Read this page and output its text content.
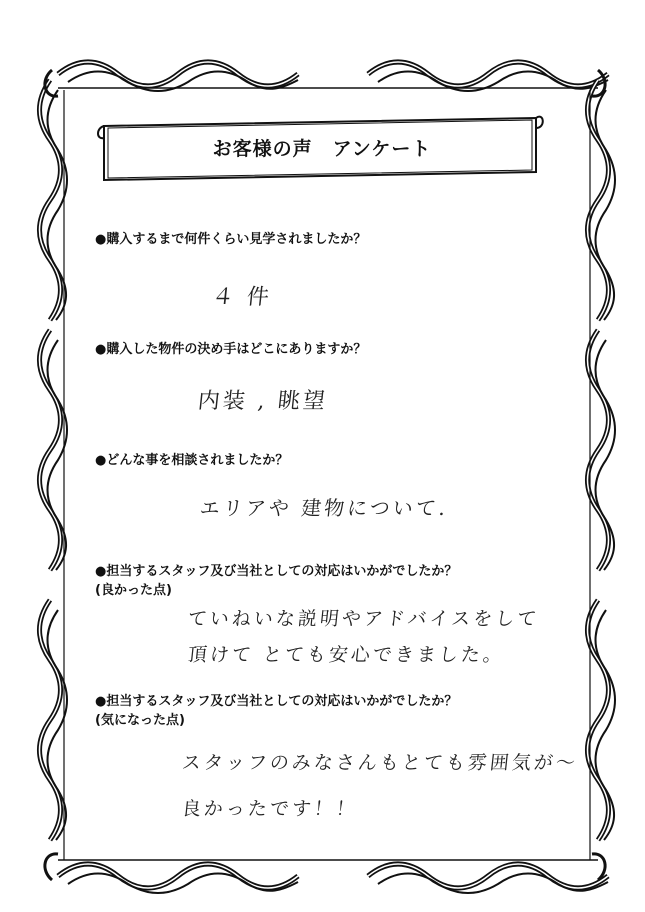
お客様の声　アンケート
●購入するまで何件くらい見学されましたか？
４ 件
●購入した物件の決め手はどこにありますか？
内装 , 眺望
●どんな事を相談されましたか？
エリアや 建物について.
●担当するスタッフ及び当社としての対応はいかがでしたか？
(良かった点)
ていねいな説明やアドバイスをして
頂けて とても安心できました。
●担当するスタッフ及び当社としての対応はいかがでしたか？
(気になった点)
スタッフのみなさんもとても雰囲気が〜
良かったです！！
